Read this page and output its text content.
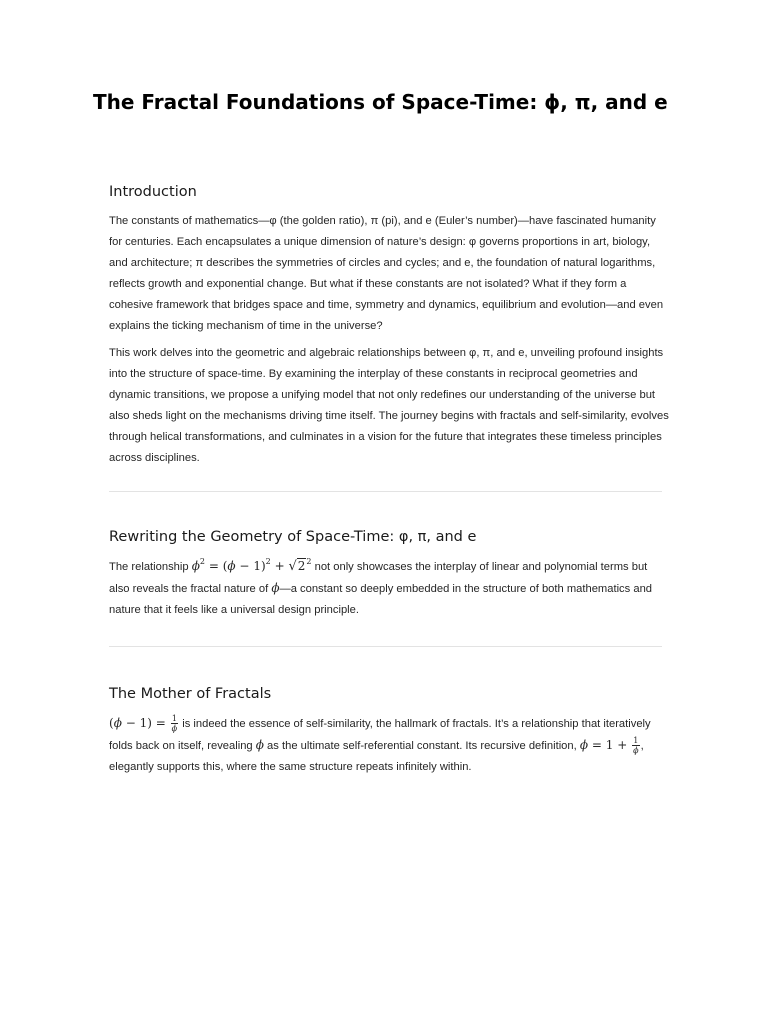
The Fractal Foundations of Space-Time: ϕ, π, and e
Introduction

The constants of mathematics—φ (the golden ratio), π (pi), and e (Euler’s number)—have fascinated humanity for centuries. Each encapsulates a unique dimension of nature’s design: φ governs proportions in art, biology, and architecture; π describes the symmetries of circles and cycles; and e, the foundation of natural logarithms, reflects growth and exponential change. But what if these constants are not isolated? What if they form a cohesive framework that bridges space and time, symmetry and dynamics, equilibrium and evolution—and even explains the ticking mechanism of time in the universe?

This work delves into the geometric and algebraic relationships between φ, π, and e, unveiling profound insights into the structure of space-time. By examining the interplay of these constants in reciprocal geometries and dynamic transitions, we propose a unifying model that not only redefines our understanding of the universe but also sheds light on the mechanisms driving time itself. The journey begins with fractals and self-similarity, evolves through helical transformations, and culminates in a vision for the future that integrates these timeless principles across disciplines.

Rewriting the Geometry of Space-Time: φ, π, and e

The relationship $\phi^2 = (\phi - 1)^2 + √2^2$ not only showcases the interplay of linear and polynomial terms but also reveals the fractal nature of ϕ—a constant so deeply embedded in the structure of both mathematics and nature that it feels like a universal design principle.

The Mother of Fractals

$(\phi - 1) = \frac{1}{\phi}$ is indeed the essence of self-similarity, the hallmark of fractals. It’s a relationship that iteratively folds back on itself, revealing ϕ as the ultimate self-referential constant. Its recursive definition, $\phi = 1 + \frac{1}{\phi}$ , elegantly supports this, where the same structure repeats infinitely within.
